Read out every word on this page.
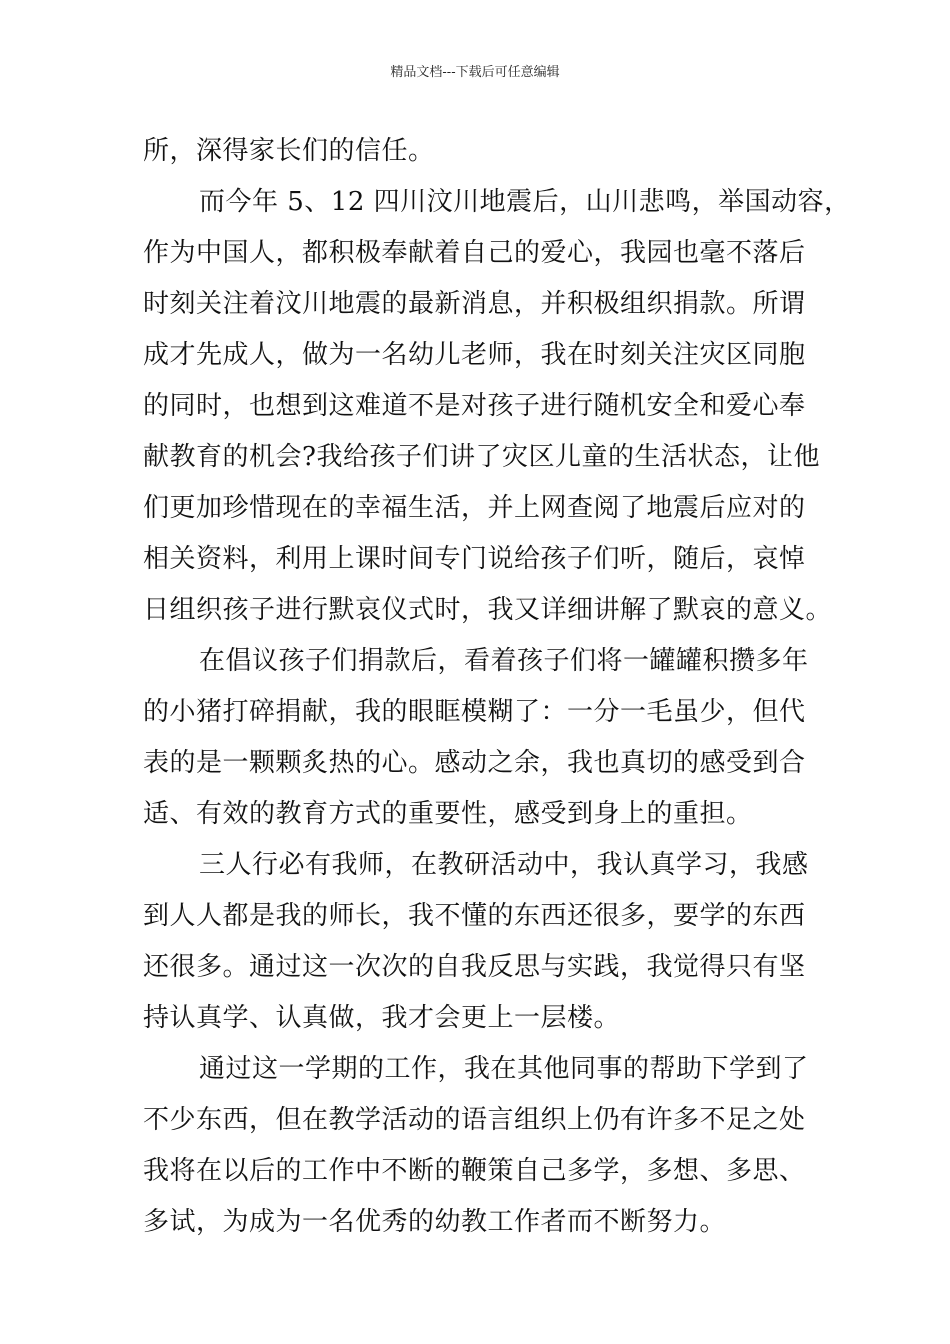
精品文档---下载后可任意编辑
所，深得家长们的信任。
而今年 5、12 四川汶川地震后，山川悲鸣，举国动容，
作为中国人，都积极奉献着自己的爱心，我园也毫不落后
时刻关注着汶川地震的最新消息，并积极组织捐款。所谓
成才先成人，做为一名幼儿老师，我在时刻关注灾区同胞
的同时，也想到这难道不是对孩子进行随机安全和爱心奉
献教育的机会?我给孩子们讲了灾区儿童的生活状态，让他
们更加珍惜现在的幸福生活，并上网查阅了地震后应对的
相关资料，利用上课时间专门说给孩子们听，随后，哀悼
日组织孩子进行默哀仪式时，我又详细讲解了默哀的意义。
在倡议孩子们捐款后，看着孩子们将一罐罐积攒多年
的小猪打碎捐献，我的眼眶模糊了：一分一毛虽少，但代
表的是一颗颗炙热的心。感动之余，我也真切的感受到合
适、有效的教育方式的重要性，感受到身上的重担。
三人行必有我师，在教研活动中，我认真学习，我感
到人人都是我的师长，我不懂的东西还很多，要学的东西
还很多。通过这一次次的自我反思与实践，我觉得只有坚
持认真学、认真做，我才会更上一层楼。
通过这一学期的工作，我在其他同事的帮助下学到了
不少东西，但在教学活动的语言组织上仍有许多不足之处
我将在以后的工作中不断的鞭策自己多学，多想、多思、
多试，为成为一名优秀的幼教工作者而不断努力。
